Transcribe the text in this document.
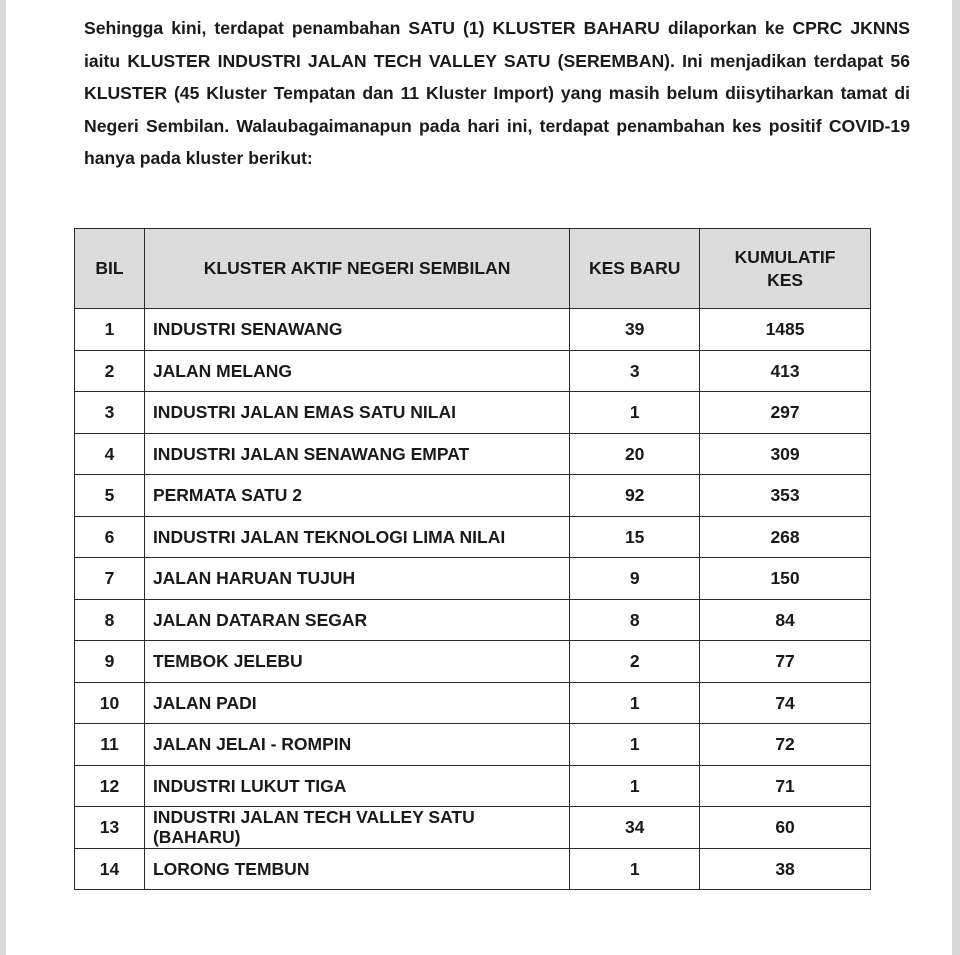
Sehingga kini, terdapat penambahan SATU (1) KLUSTER BAHARU dilaporkan ke CPRC JKNNS iaitu KLUSTER INDUSTRI JALAN TECH VALLEY SATU (SEREMBAN). Ini menjadikan terdapat 56 KLUSTER (45 Kluster Tempatan dan 11 Kluster Import) yang masih belum diisytiharkan tamat di Negeri Sembilan. Walaubagaimanapun pada hari ini, terdapat penambahan kes positif COVID-19 hanya pada kluster berikut:

BIL	KLUSTER AKTIF NEGERI SEMBILAN	KES BARU	KUMULATIF
KES

1	INDUSTRI SENAWANG	39	1485
2	JALAN MELANG	3	413
3	INDUSTRI JALAN EMAS SATU NILAI	1	297
4	INDUSTRI JALAN SENAWANG EMPAT	20	309
5	PERMATA SATU 2	92	353
6	INDUSTRI JALAN TEKNOLOGI LIMA NILAI	15	268
7	JALAN HARUAN TUJUH	9	150
8	JALAN DATARAN SEGAR	8	84
9	TEMBOK JELEBU	2	77
10	JALAN PADI	1	74
11	JALAN JELAI - ROMPIN	1	72
12	INDUSTRI LUKUT TIGA	1	71
13	INDUSTRI JALAN TECH VALLEY SATU (BAHARU)	34	60
14	LORONG TEMBUN	1	38
